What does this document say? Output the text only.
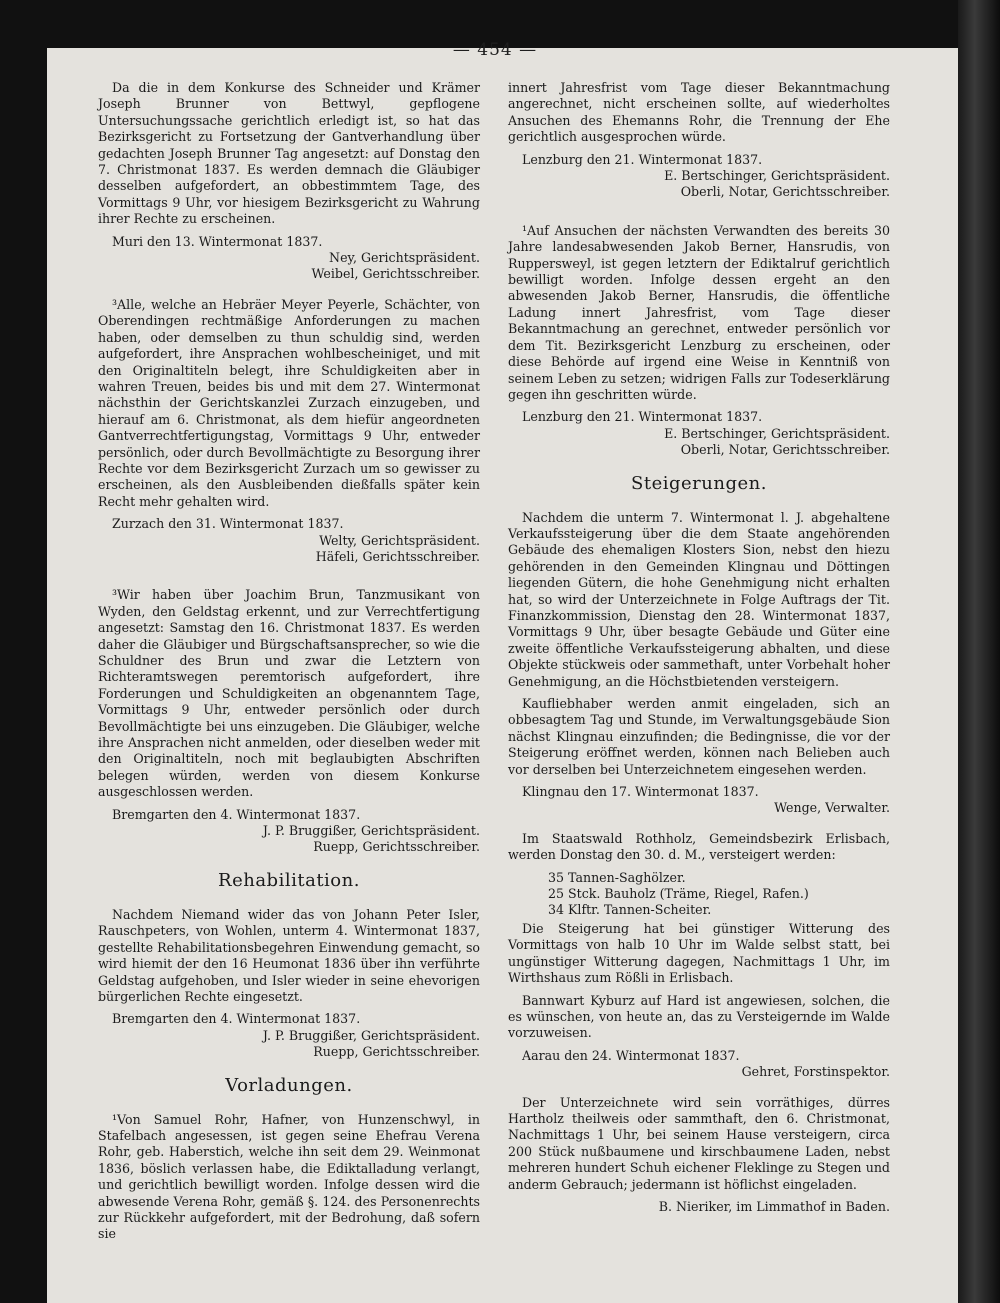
— 454 —

Da die in dem Konkurse des Schneider und Krämer Joseph Brunner von Bettwyl, gepflogene Untersuchungssache gerichtlich erledigt ist, so hat das Bezirksgericht zu Fortsetzung der Gantverhandlung über gedachten Joseph Brunner Tag angesetzt: auf Donstag den 7. Christmonat 1837. Es werden demnach die Gläubiger desselben aufgefordert, an obbestimmtem Tage, des Vormittags 9 Uhr, vor hiesigem Bezirksgericht zu Wahrung ihrer Rechte zu erscheinen.

Muri den 13. Wintermonat 1837.
Ney, Gerichtspräsident.
Weibel, Gerichtsschreiber.

³Alle, welche an Hebräer Meyer Peyerle, Schächter, von Oberendingen rechtmäßige Anforderungen zu machen haben, oder demselben zu thun schuldig sind, werden aufgefordert, ihre Ansprachen wohlbescheiniget, und mit den Originaltiteln belegt, ihre Schuldigkeiten aber in wahren Treuen, beides bis und mit dem 27. Wintermonat nächsthin der Gerichtskanzlei Zurzach einzugeben, und hierauf am 6. Christmonat, als dem hiefür angeordneten Gantverrechtfertigungstag, Vormittags 9 Uhr, entweder persönlich, oder durch Bevollmächtigte zu Besorgung ihrer Rechte vor dem Bezirksgericht Zurzach um so gewisser zu erscheinen, als den Ausbleibenden dießfalls später kein Recht mehr gehalten wird.

Zurzach den 31. Wintermonat 1837.
Welty, Gerichtspräsident.
Häfeli, Gerichtsschreiber.

³Wir haben über Joachim Brun, Tanzmusikant von Wyden, den Geldstag erkennt, und zur Verrechtfertigung angesetzt: Samstag den 16. Christmonat 1837. Es werden daher die Gläubiger und Bürgschaftsansprecher, so wie die Schuldner des Brun und zwar die Letztern von Richteramtswegen peremtorisch aufgefordert, ihre Forderungen und Schuldigkeiten an obgenanntem Tage, Vormittags 9 Uhr, entweder persönlich oder durch Bevollmächtigte bei uns einzugeben. Die Gläubiger, welche ihre Ansprachen nicht anmelden, oder dieselben weder mit den Originaltiteln, noch mit beglaubigten Abschriften belegen würden, werden von diesem Konkurse ausgeschlossen werden.

Bremgarten den 4. Wintermonat 1837.
J. P. Bruggißer, Gerichtspräsident.
Ruepp, Gerichtsschreiber.
Rehabilitation.

Nachdem Niemand wider das von Johann Peter Isler, Rauschpeters, von Wohlen, unterm 4. Wintermonat 1837, gestellte Rehabilitationsbegehren Einwendung gemacht, so wird hiemit der den 16 Heumonat 1836 über ihn verführte Geldstag aufgehoben, und Isler wieder in seine ehevorigen bürgerlichen Rechte eingesetzt.

Bremgarten den 4. Wintermonat 1837.
J. P. Bruggißer, Gerichtspräsident.
Ruepp, Gerichtsschreiber.
Vorladungen.

¹Von Samuel Rohr, Hafner, von Hunzenschwyl, in Stafelbach angesessen, ist gegen seine Ehefrau Verena Rohr, geb. Haberstich, welche ihn seit dem 29. Weinmonat 1836, böslich verlassen habe, die Ediktalladung verlangt, und gerichtlich bewilligt worden. Infolge dessen wird die abwesende Verena Rohr, gemäß §. 124. des Personenrechts zur Rückkehr aufgefordert, mit der Bedrohung, daß sofern sie

innert Jahresfrist vom Tage dieser Bekanntmachung angerechnet, nicht erscheinen sollte, auf wiederholtes Ansuchen des Ehemanns Rohr, die Trennung der Ehe gerichtlich ausgesprochen würde.

Lenzburg den 21. Wintermonat 1837.
E. Bertschinger, Gerichtspräsident.
Oberli, Notar, Gerichtsschreiber.

¹Auf Ansuchen der nächsten Verwandten des bereits 30 Jahre landesabwesenden Jakob Berner, Hansrudis, von Ruppersweyl, ist gegen letztern der Ediktalruf gerichtlich bewilligt worden. Infolge dessen ergeht an den abwesenden Jakob Berner, Hansrudis, die öffentliche Ladung innert Jahresfrist, vom Tage dieser Bekanntmachung an gerechnet, entweder persönlich vor dem Tit. Bezirksgericht Lenzburg zu erscheinen, oder diese Behörde auf irgend eine Weise in Kenntniß von seinem Leben zu setzen; widrigen Falls zur Todeserklärung gegen ihn geschritten würde.

Lenzburg den 21. Wintermonat 1837.
E. Bertschinger, Gerichtspräsident.
Oberli, Notar, Gerichtsschreiber.
Steigerungen.

Nachdem die unterm 7. Wintermonat l. J. abgehaltene Verkaufssteigerung über die dem Staate angehörenden Gebäude des ehemaligen Klosters Sion, nebst den hiezu gehörenden in den Gemeinden Klingnau und Döttingen liegenden Gütern, die hohe Genehmigung nicht erhalten hat, so wird der Unterzeichnete in Folge Auftrags der Tit. Finanzkommission, Dienstag den 28. Wintermonat 1837, Vormittags 9 Uhr, über besagte Gebäude und Güter eine zweite öffentliche Verkaufssteigerung abhalten, und diese Objekte stückweis oder sammethaft, unter Vorbehalt hoher Genehmigung, an die Höchstbietenden versteigern.

Kaufliebhaber werden anmit eingeladen, sich an obbesagtem Tag und Stunde, im Verwaltungsgebäude Sion nächst Klingnau einzufinden; die Bedingnisse, die vor der Steigerung eröffnet werden, können nach Belieben auch vor derselben bei Unterzeichnetem eingesehen werden.

Klingnau den 17. Wintermonat 1837.
Wenge, Verwalter.

Im Staatswald Rothholz, Gemeindsbezirk Erlisbach, werden Donstag den 30. d. M., versteigert werden:

35 Tannen-Saghölzer.
25 Stck. Bauholz (Träme, Riegel, Rafen.)
34 Klftr. Tannen-Scheiter.

Die Steigerung hat bei günstiger Witterung des Vormittags von halb 10 Uhr im Walde selbst statt, bei ungünstiger Witterung dagegen, Nachmittags 1 Uhr, im Wirthshaus zum Rößli in Erlisbach.

Bannwart Kyburz auf Hard ist angewiesen, solchen, die es wünschen, von heute an, das zu Versteigernde im Walde vorzuweisen.

Aarau den 24. Wintermonat 1837.
Gehret, Forstinspektor.

Der Unterzeichnete wird sein vorräthiges, dürres Hartholz theilweis oder sammthaft, den 6. Christmonat, Nachmittags 1 Uhr, bei seinem Hause versteigern, circa 200 Stück nußbaumene und kirschbaumene Laden, nebst mehreren hundert Schuh eichener Fleklinge zu Stegen und anderm Gebrauch; jedermann ist höflichst eingeladen.

B. Nieriker, im Limmathof in Baden.
